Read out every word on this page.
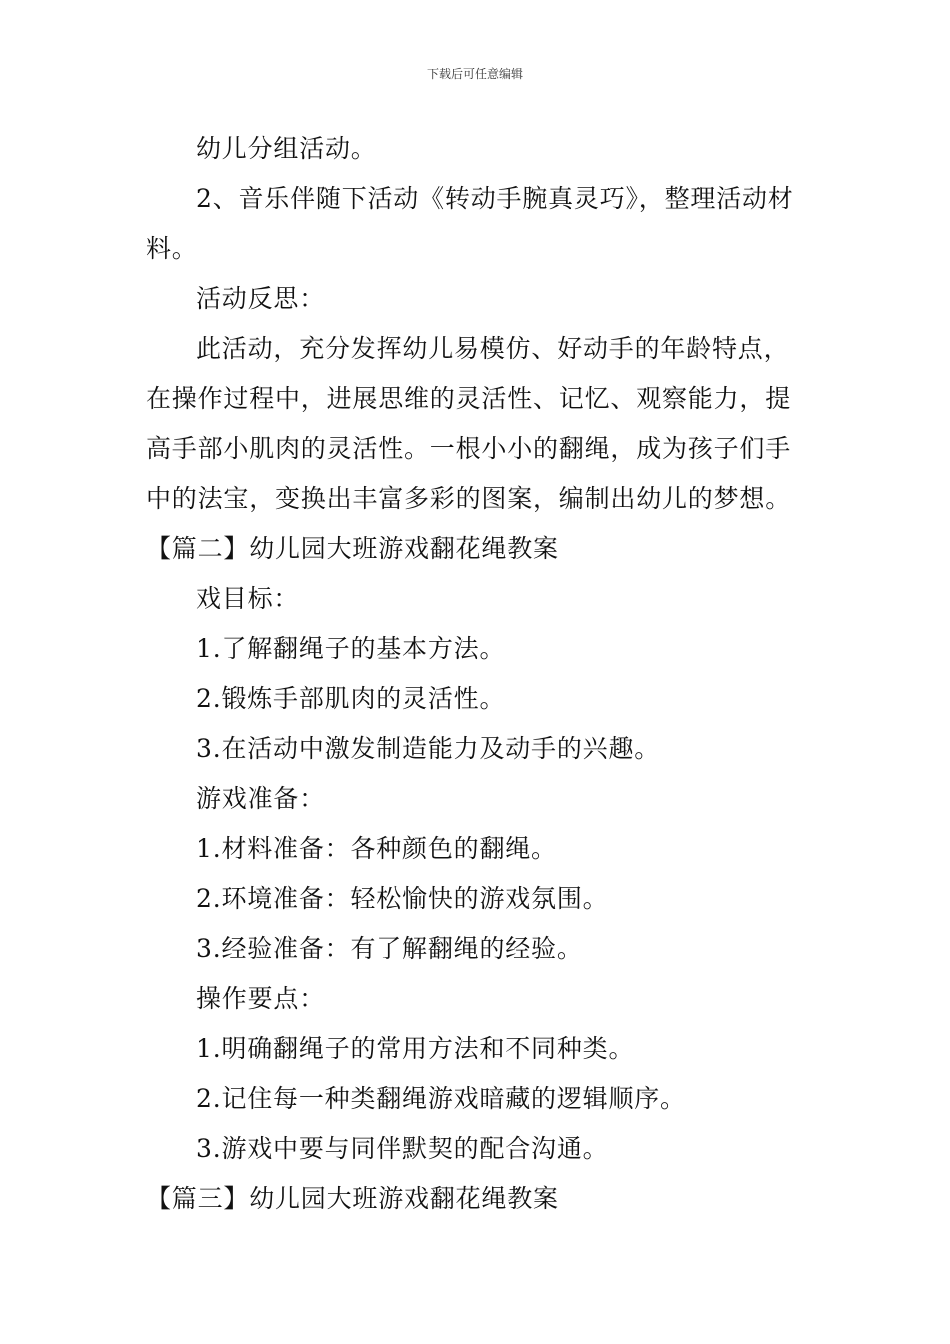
下载后可任意编辑

幼儿分组活动。

2、音乐伴随下活动《转动手腕真灵巧》，整理活动材料。

活动反思：

此活动，充分发挥幼儿易模仿、好动手的年龄特点，在操作过程中，进展思维的灵活性、记忆、观察能力，提高手部小肌肉的灵活性。一根小小的翻绳，成为孩子们手中的法宝，变换出丰富多彩的图案，编制出幼儿的梦想。

【篇二】幼儿园大班游戏翻花绳教案

戏目标：

1.了解翻绳子的基本方法。

2.锻炼手部肌肉的灵活性。

3.在活动中激发制造能力及动手的兴趣。

游戏准备：

1.材料准备：各种颜色的翻绳。

2.环境准备：轻松愉快的游戏氛围。

3.经验准备：有了解翻绳的经验。

操作要点：

1.明确翻绳子的常用方法和不同种类。

2.记住每一种类翻绳游戏暗藏的逻辑顺序。

3.游戏中要与同伴默契的配合沟通。

【篇三】幼儿园大班游戏翻花绳教案
